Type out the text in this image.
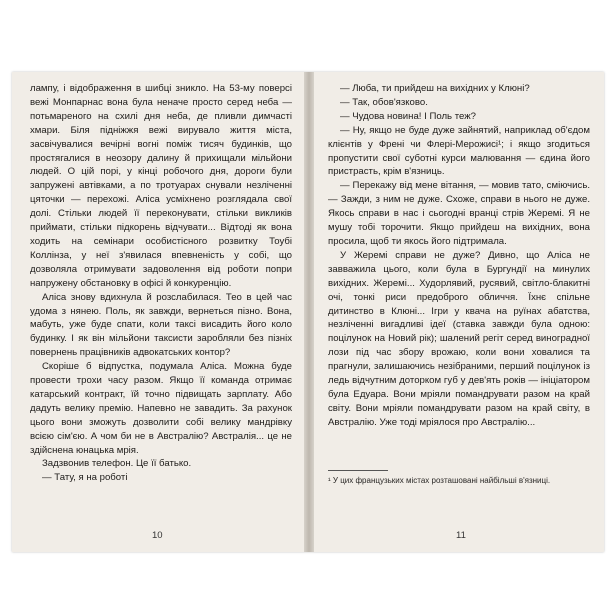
лампу, і відображення в шибці зникло. На 53-му поверсі вежі Монпарнас вона була неначе просто серед неба — потьмареного на схилі дня неба, де пливли димчасті хмари. Біля підніжжя вежі вирувало життя міста, засвічувалися вечірні вогні поміж тисяч будинків, що простягалися в неозору далину й прихищали мільйони людей. О цій порі, у кінці робочого дня, дороги були запружені автівками, а по тротуарах снували незліченні цяточки — перехожі. Аліса усміхнено розглядала свої долі. Стільки людей її переконувати, стільки викликів приймати, стільки підкорень відчувати... Відтоді як вона ходить на семінари особистісного розвитку Тоубі Коллінза, у неї з'явилася впевненість у собі, що дозволяла отримувати задоволення від роботи попри напружену обстановку в офісі й конкуренцію.

Аліса знову вдихнула й розслабилася. Тео в цей час удома з нянею. Поль, як завжди, вернеться пізно. Вона, мабуть, уже буде спати, коли таксі висадить його коло будинку. І як він мільйони таксисти заробляли без пізніх повернень працівників адвокатських контор?

Скоріше б відпустка, подумала Аліса. Можна буде провести трохи часу разом. Якщо її команда отримає катарський контракт, їй точно підвищать зарплату. Або дадуть велику премію. Напевно не завадить. За рахунок цього вони зможуть дозволити собі велику мандрівку всією сім'єю. А чом би не в Австралію? Австралія... це не здійснена юнацька мрія.

Задзвонив телефон. Це її батько.

— Тату, я на роботі

10

— Люба, ти прийдеш на вихідних у Клюні?

— Так, обов'язково.

— Чудова новина! І Поль теж?

— Ну, якщо не буде дуже зайнятий, наприклад об'єдом клієнтів у Френі чи Флері-Мерожисі¹; і якщо згодиться пропустити свої суботні курси малювання — єдина його пристрасть, крім в'язниць.

— Перекажу від мене вітання, — мовив тато, сміючись. — Зажди, з ним не дуже. Схоже, справи в нього не дуже. Якось справи в нас і сьогодні вранці стрів Жеремі. Я не мушу тобі торочити. Якщо прийдеш на вихідних, вона просила, щоб ти якось його підтримала.

У Жеремі справи не дуже? Дивно, що Аліса не завважила цього, коли була в Бургундії на минулих вихідних. Жеремі... Худорлявий, русявий, світло-блакитні очі, тонкі риси предоброго обличчя. Їхнє спільне дитинство в Клюні... Ігри у квача на руїнах абатства, незліченні вигадливі ідеї (ставка завжди була одною: поцілунок на Новий рік); шалений регіт серед виноградної лози під час збору врожаю, коли вони ховалися та прагнули, залишаючись незібраними, перший поцілунок із ледь відчутним доторком губ у дев'ять років — ініціатором була Едуара. Вони мріяли помандрувати разом на край світу. Вони мріяли помандрувати разом на край світу, в Австралію. Уже тоді мріялося про Австралію...

¹ У цих французьких містах розташовані найбільші в'язниці.
11
